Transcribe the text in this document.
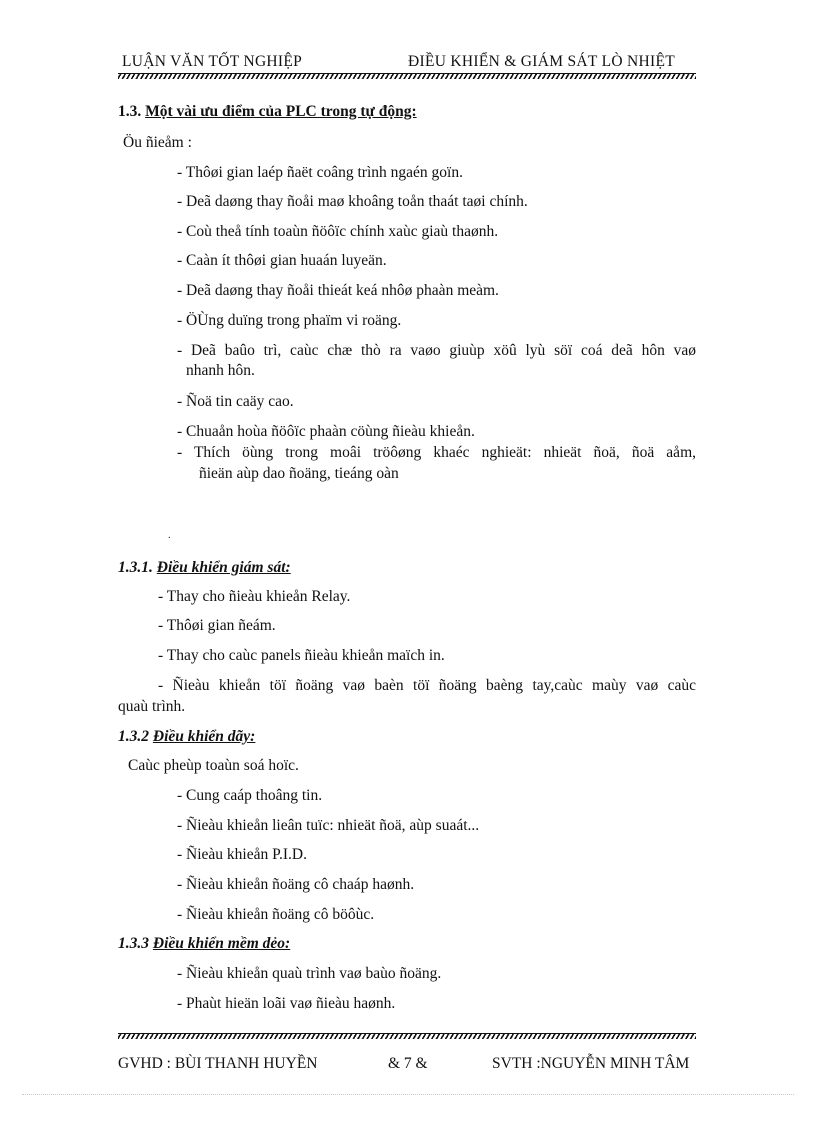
LUẬN VĂN TỐT NGHIỆP	ĐIỀU KHIỂN & GIÁM SÁT LÒ NHIỆT
1.3. Một vài ưu điểm của PLC trong tự động:
Öu ñieåm :
- Thôøi gian laép ñaët coâng trình ngaén goïn.
- Deã daøng thay ñoåi maø khoâng toån thaát taøi chính.
- Coù theå tính toaùn ñöôïc chính xaùc giaù thaønh.
- Caàn ít thôøi gian huaán luyeän.
- Deã daøng thay ñoåi thieát keá nhôø phaàn meàm.
- ÖÙng duïng trong phaïm vi roäng.
- Deã baûo trì, caùc chæ thò ra vaøo giuùp xöû lyù söï coá deã hôn vaø
nhanh hôn.
- Ñoä tin caäy cao.
- Chuaån hoùa ñöôïc phaàn cöùng ñieàu khieån.
- Thích öùng trong moâi tröôøng khaéc nghieät: nhieät ñoä, ñoä aåm,
ñieän aùp dao ñoäng, tieáng oàn
.
1.3.1. Điều khiển giám sát:
- Thay cho ñieàu khieån Relay.
- Thôøi gian ñeám.
- Thay cho caùc panels ñieàu khieån maïch in.
- Ñieàu khieån töï ñoäng vaø baèn töï ñoäng baèng tay,caùc maùy vaø caùc
quaù trình.
1.3.2 Điều khiển dãy:
Caùc pheùp toaùn soá hoïc.
- Cung caáp thoâng tin.
- Ñieàu khieån lieân tuïc: nhieät ñoä, aùp suaát...
- Ñieàu khieån P.I.D.
- Ñieàu khieån ñoäng cô chaáp haønh.
- Ñieàu khieån ñoäng cô böôùc.
1.3.3 Điều khiển mềm dẻo:
- Ñieàu khieån quaù trình vaø baùo ñoäng.
- Phaùt hieän loãi vaø ñieàu haønh.
GVHD : BÙI THANH HUYỀN	& 7 &	SVTH :NGUYỄN MINH TÂM
